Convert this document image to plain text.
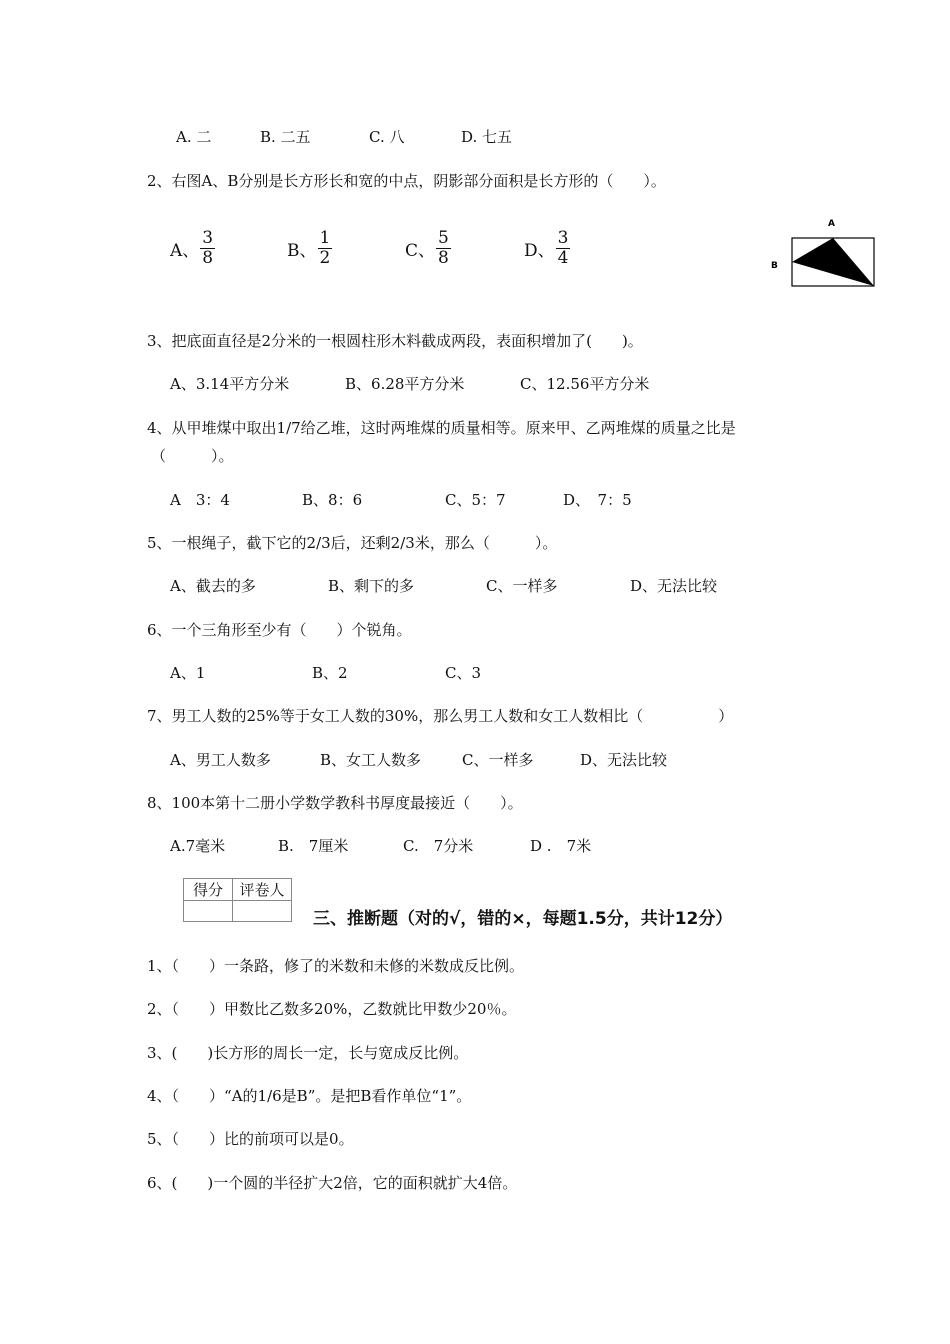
A. 二	B. 二五	C. 八	D. 七五
2、右图A、B分别是长方形长和宽的中点，阴影部分面积是长方形的（　　）。
A、
3
8	B、
1
2	C、
5
8	D、
3
4
A
B
3、把底面直径是2分米的一根圆柱形木料截成两段，表面积增加了(　　)。
A、3.14平方分米	B、6.28平方分米	C、12.56平方分米
4、从甲堆煤中取出1/7给乙堆，这时两堆煤的质量相等。原来甲、乙两堆煤的质量之比是
（　　　）。
A　3：4	B、8：6	C、5：7	D、　7：5
5、一根绳子，截下它的2/3后，还剩2/3米，那么（　　　）。
A、截去的多	B、剩下的多	C、一样多	D、无法比较
6、一个三角形至少有（　　）个锐角。
A、1	B、2	C、3
7、男工人数的25%等于女工人数的30%，那么男工人数和女工人数相比（　　　　　）
A、男工人数多	B、女工人数多	C、一样多	D、无法比较
8、100本第十二册小学数学教科书厚度最接近（　　）。
A.7毫米	B.　7厘米	C.　7分米	D .　7米
得分	评卷人

三、推断题（对的√，错的×，每题1.5分，共计12分）
1、（　　）一条路，修了的米数和未修的米数成反比例。
2、（　　）甲数比乙数多20%，乙数就比甲数少20％。
3、(　　)长方形的周长一定，长与宽成反比例。
4、（　　）“A的1/6是B”。是把B看作单位“1”。
5、（　　）比的前项可以是0。
6、(　　)一个圆的半径扩大2倍，它的面积就扩大4倍。
